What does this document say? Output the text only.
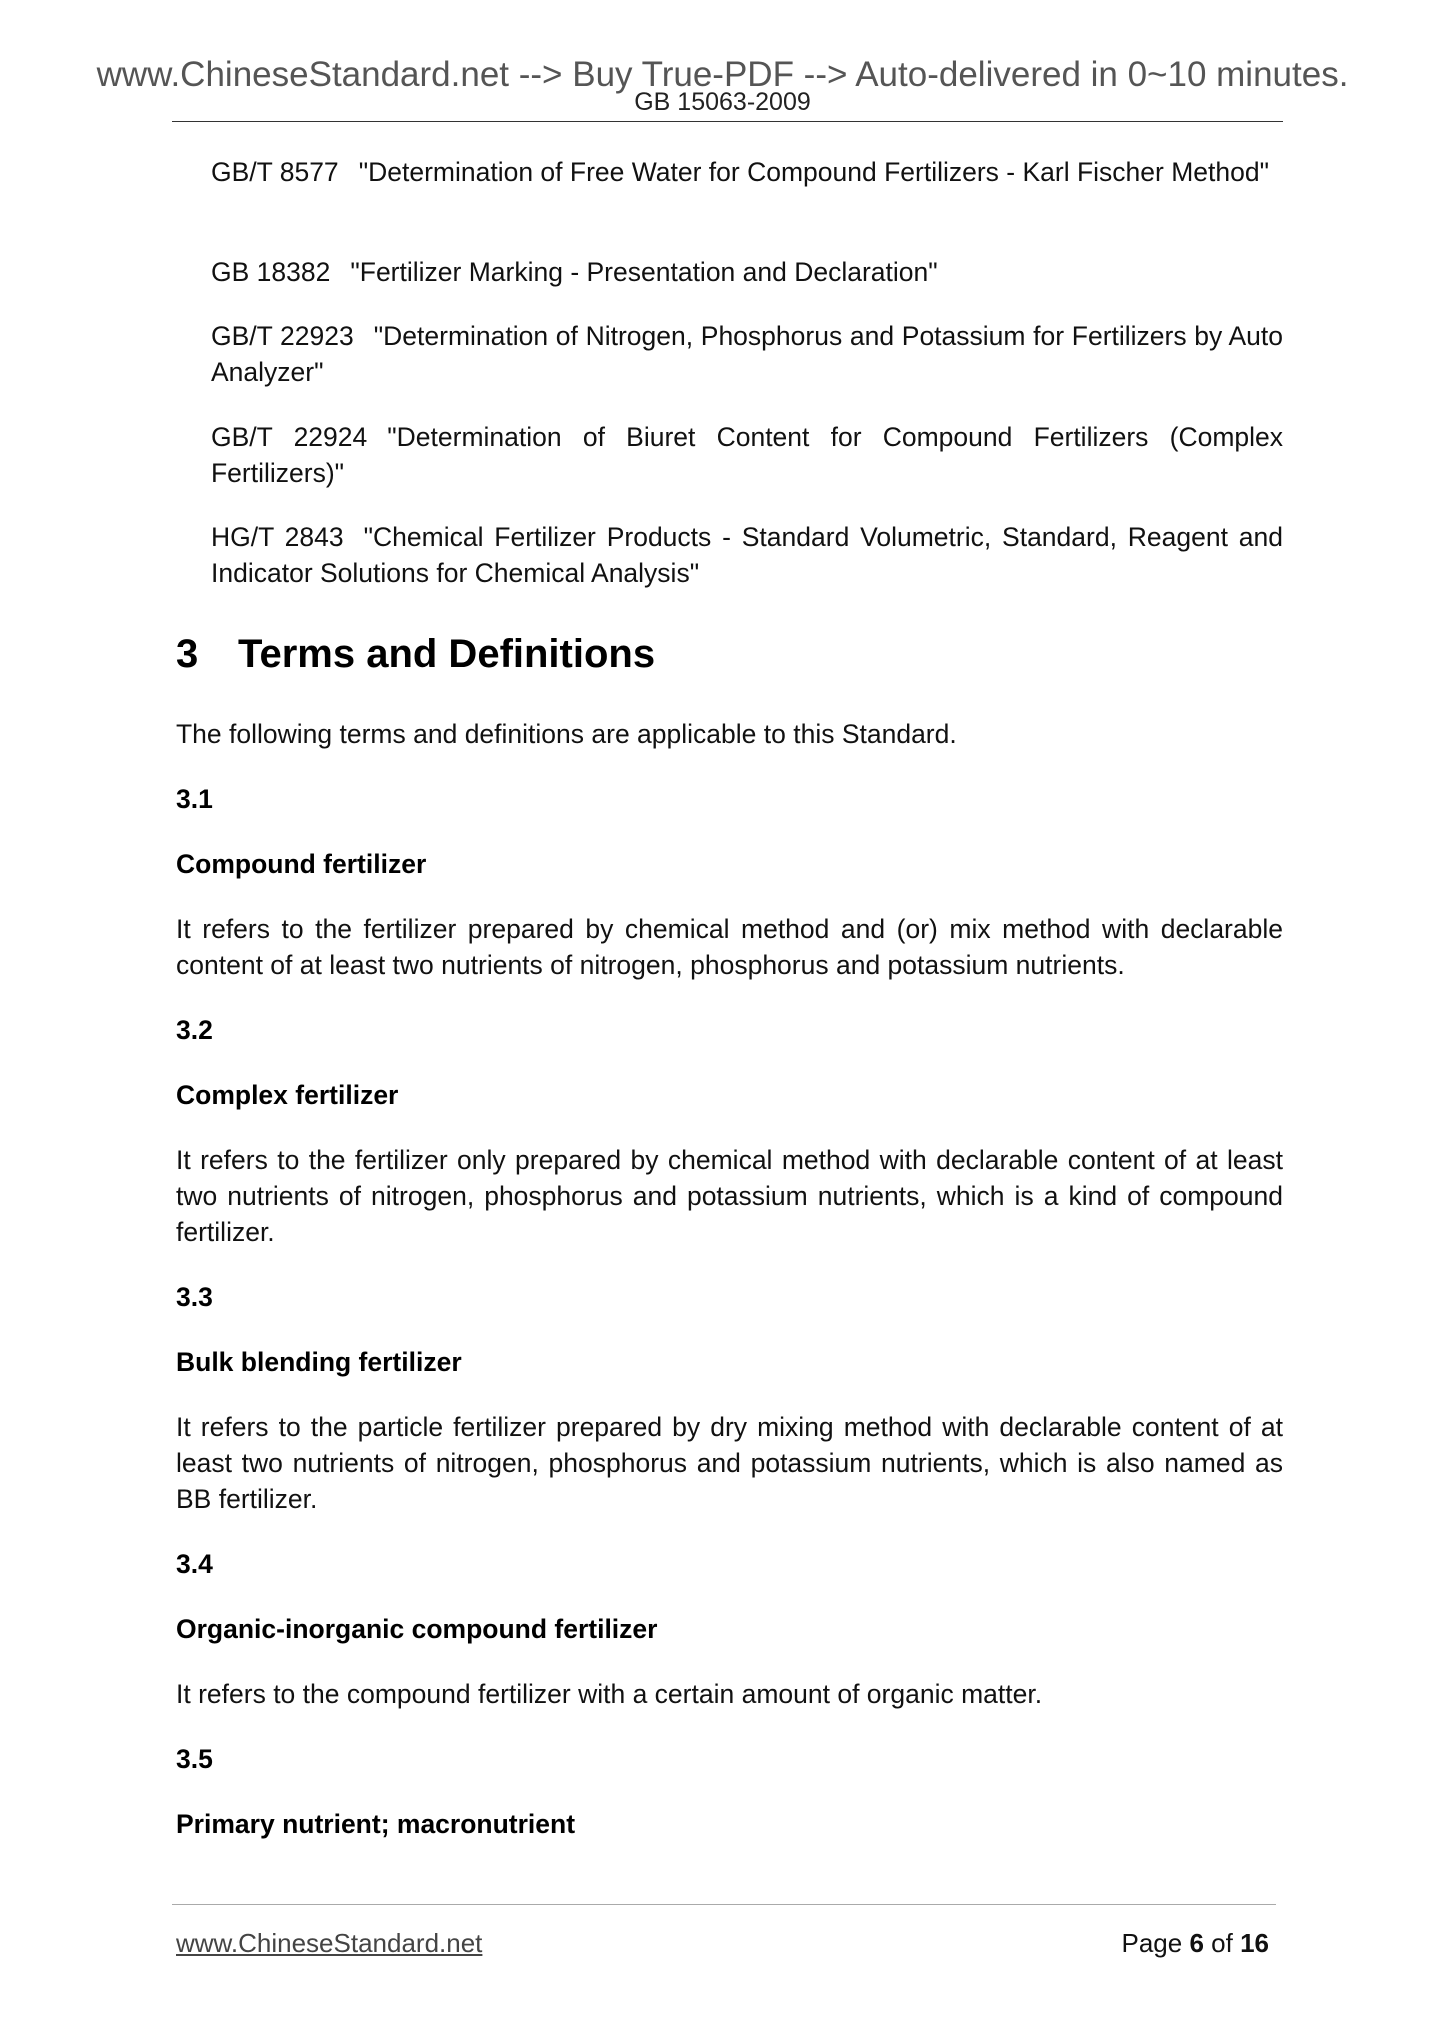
www.ChineseStandard.net --> Buy True-PDF --> Auto-delivered in 0~10 minutes.
GB 15063-2009
GB/T 8577 "Determination of Free Water for Compound Fertilizers - Karl Fischer Method"
GB 18382 "Fertilizer Marking - Presentation and Declaration"
GB/T 22923 "Determination of Nitrogen, Phosphorus and Potassium for Fertilizers by Auto Analyzer"
GB/T 22924 "Determination of Biuret Content for Compound Fertilizers (Complex Fertilizers)"
HG/T 2843 "Chemical Fertilizer Products - Standard Volumetric, Standard, Reagent and Indicator Solutions for Chemical Analysis"
3 Terms and Definitions
The following terms and definitions are applicable to this Standard.
3.1
Compound fertilizer
It refers to the fertilizer prepared by chemical method and (or) mix method with declarable content of at least two nutrients of nitrogen, phosphorus and potassium nutrients.
3.2
Complex fertilizer
It refers to the fertilizer only prepared by chemical method with declarable content of at least two nutrients of nitrogen, phosphorus and potassium nutrients, which is a kind of compound fertilizer.
3.3
Bulk blending fertilizer
It refers to the particle fertilizer prepared by dry mixing method with declarable content of at least two nutrients of nitrogen, phosphorus and potassium nutrients, which is also named as BB fertilizer.
3.4
Organic-inorganic compound fertilizer
It refers to the compound fertilizer with a certain amount of organic matter.
3.5
Primary nutrient; macronutrient
www.ChineseStandard.net	Page 6 of 16
